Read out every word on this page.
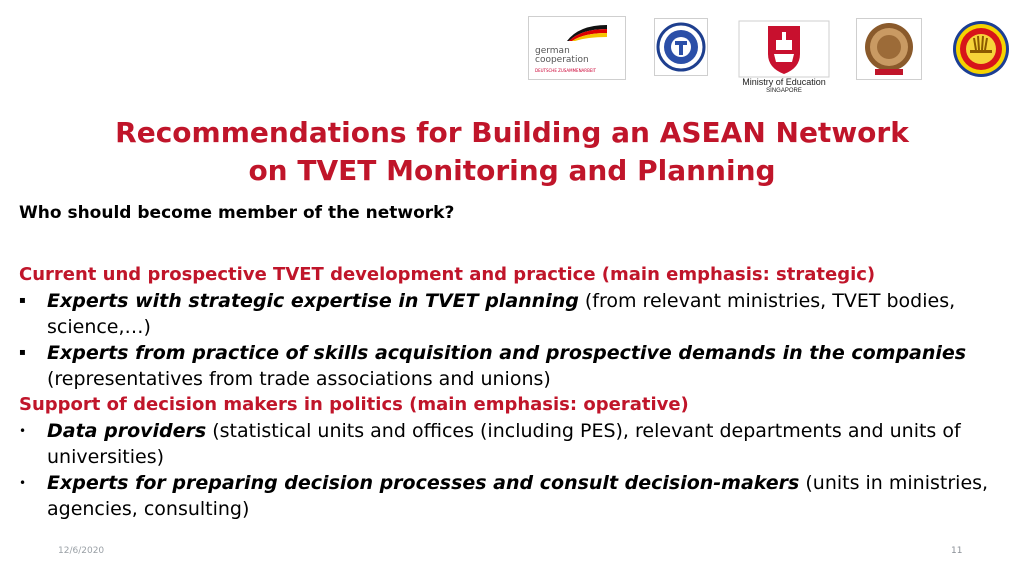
german
cooperation
DEUTSCHE ZUSAMMENARBEIT
Ministry of Education
SINGAPORE
Recommendations for Building an ASEAN Network
on TVET Monitoring and Planning

Who should become member of the network?

Current und prospective TVET development and practice (main emphasis: strategic)

▪	Experts with strategic expertise in TVET planning (from relevant ministries, TVET bodies, science,…)

▪	Experts from practice of skills acquisition and prospective demands in the companies (representatives from trade associations and unions)

Support of decision makers in politics (main emphasis: operative)

•	Data providers (statistical units and offices (including PES), relevant departments and units of universities)

•	Experts for preparing decision processes and consult decision-makers (units in ministries, agencies, consulting)

12/6/2020	11
